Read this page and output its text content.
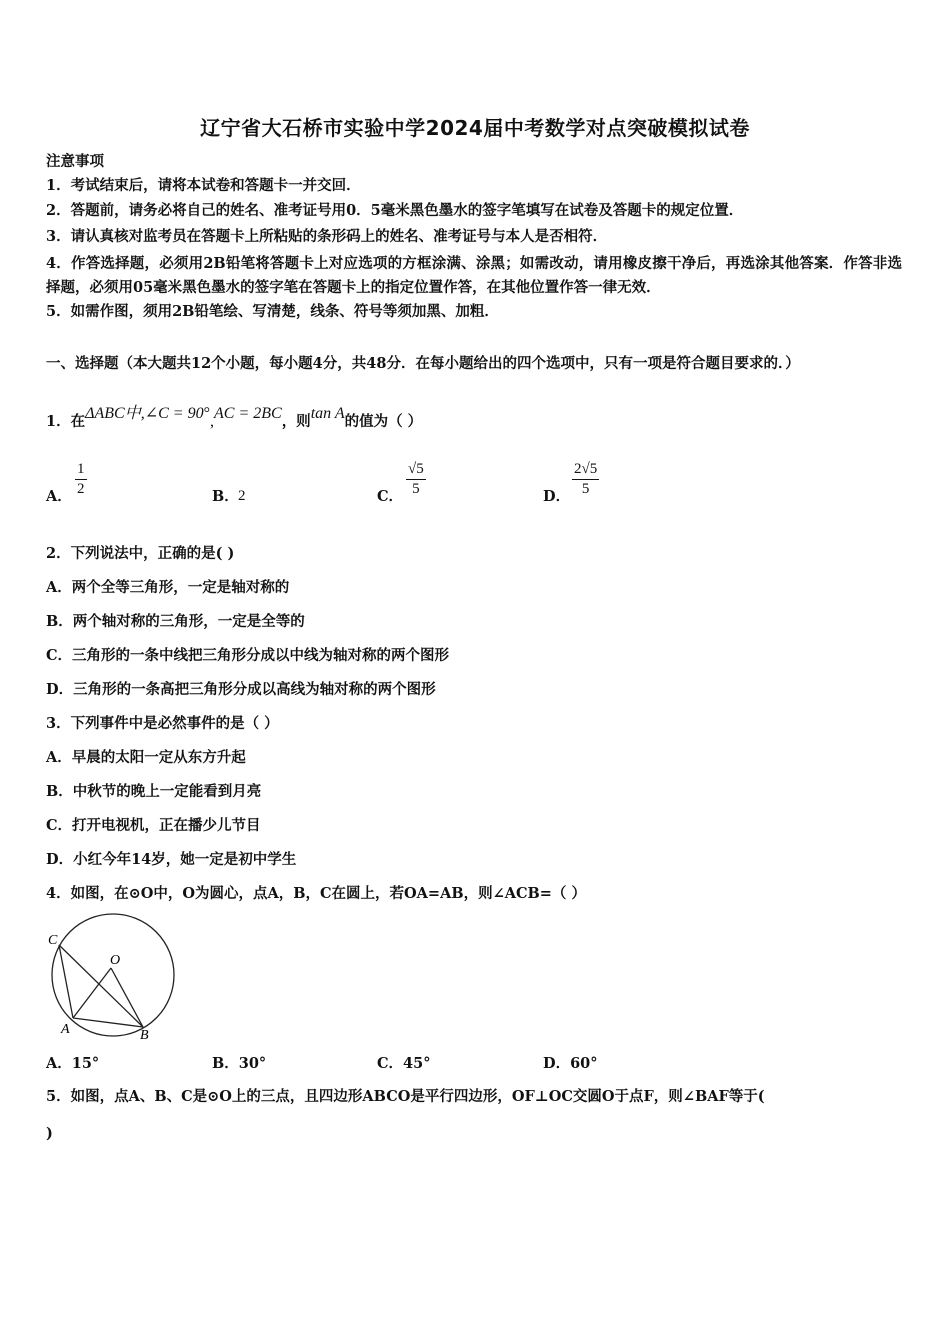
辽宁省大石桥市实验中学2024届中考数学对点突破模拟试卷
注意事项
1．考试结束后，请将本试卷和答题卡一并交回．
2．答题前，请务必将自己的姓名、准考证号用0．5毫米黑色墨水的签字笔填写在试卷及答题卡的规定位置．
3．请认真核对监考员在答题卡上所粘贴的条形码上的姓名、准考证号与本人是否相符．
4．作答选择题，必须用2B铅笔将答题卡上对应选项的方框涂满、涂黑；如需改动，请用橡皮擦干净后，再选涂其他答案．作答非选择题，必须用05毫米黑色墨水的签字笔在答题卡上的指定位置作答，在其他位置作答一律无效．
5．如需作图，须用2B铅笔绘、写清楚，线条、符号等须加黑、加粗．
一、选择题（本大题共12个小题，每小题4分，共48分．在每小题给出的四个选项中，只有一项是符合题目要求的．）
1．在ΔABC中,∠C = 90°,AC = 2BC，则tan A的值为（ ）
A．
1
2	B． 2	C．
√5
5	D．
2√5
5
2．下列说法中，正确的是( )
A．两个全等三角形，一定是轴对称的
B．两个轴对称的三角形，一定是全等的
C．三角形的一条中线把三角形分成以中线为轴对称的两个图形
D．三角形的一条高把三角形分成以高线为轴对称的两个图形
3．下列事件中是必然事件的是（ ）
A．早晨的太阳一定从东方升起
B．中秋节的晚上一定能看到月亮
C．打开电视机，正在播少儿节目
D．小红今年14岁，她一定是初中学生
4．如图，在⊙O中，O为圆心，点A，B，C在圆上，若OA=AB，则∠ACB=（ ）
C
O
A	B
A．15°	B．30°	C．45°	D．60°
5．如图，点A、B、C是⊙O上的三点，且四边形ABCO是平行四边形，OF⊥OC交圆O于点F，则∠BAF等于(
)
